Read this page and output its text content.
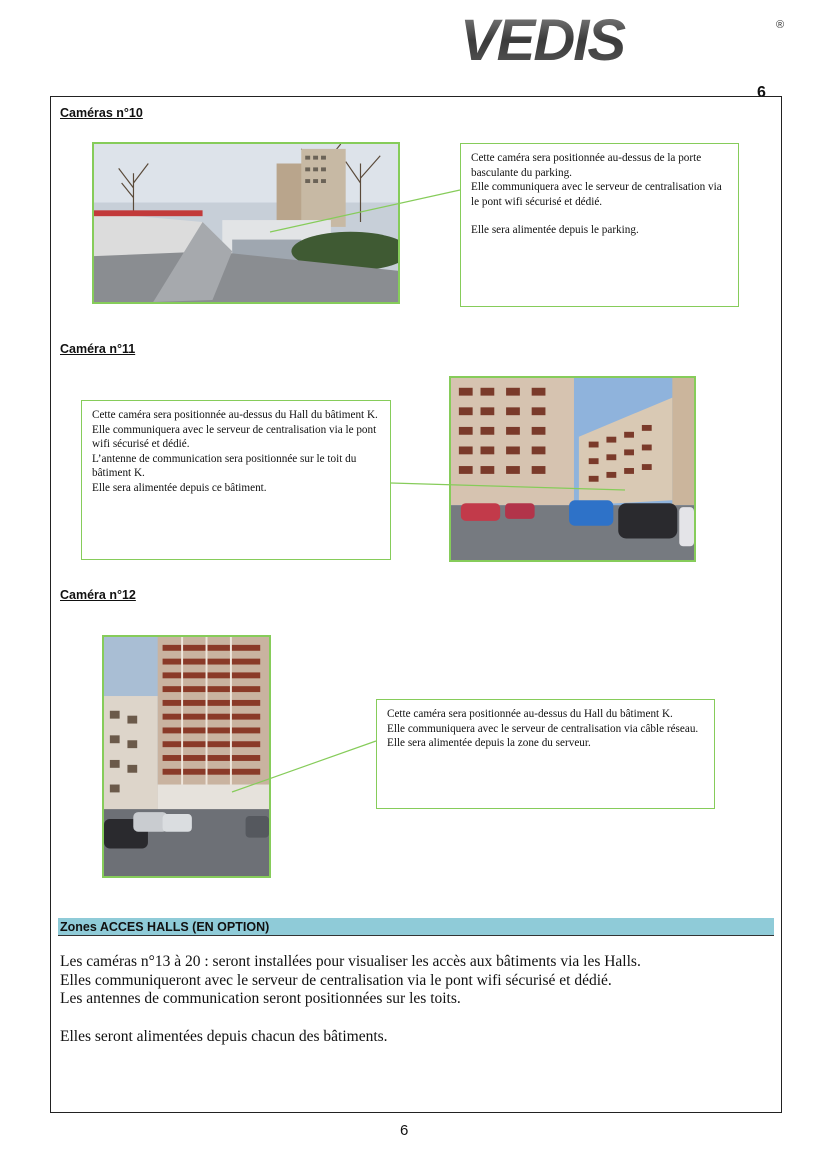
VEDIS	®
6
Caméras n°10

Cette caméra sera positionnée au-dessus de la porte basculante du parking.

Elle communiquera avec le serveur de centralisation via le pont wifi sécurisé et dédié.

Elle sera alimentée depuis le parking.

Caméra n°11

Cette caméra sera positionnée au-dessus du Hall du bâtiment K.

Elle communiquera avec le serveur de centralisation via le pont wifi sécurisé et dédié.

L’antenne de communication sera positionnée sur le toit du bâtiment K.

Elle sera alimentée depuis ce bâtiment.

Caméra n°12

Cette caméra sera positionnée au-dessus du Hall du bâtiment K.

Elle communiquera avec le serveur de centralisation via câble réseau.

Elle sera alimentée depuis la zone du serveur.

Zones ACCES HALLS (EN OPTION)

Les caméras n°13 à 20 : seront installées pour visualiser les accès aux bâtiments via les Halls.

Elles communiqueront avec le serveur de centralisation via le pont wifi sécurisé et dédié.

Les antennes de communication seront positionnées sur les toits.

Elles seront alimentées depuis chacun des bâtiments.

6
